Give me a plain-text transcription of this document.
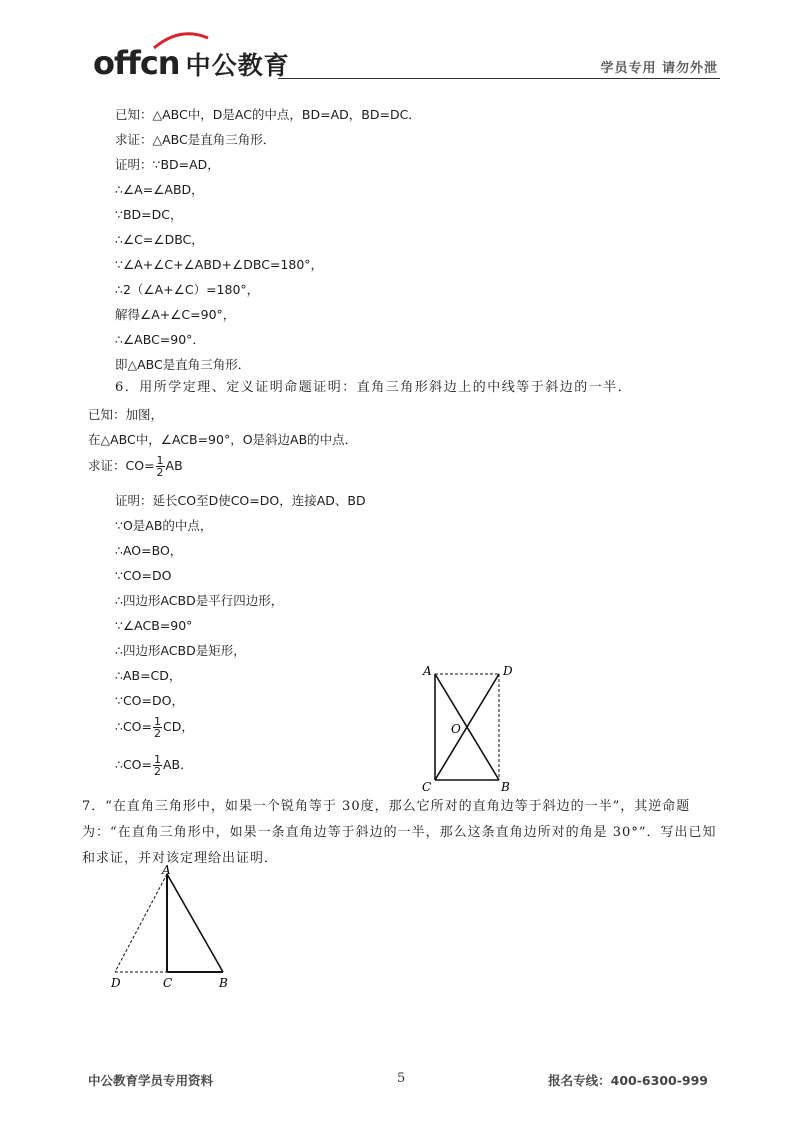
offcn 中公教育	学员专用 请勿外泄
已知：△ABC中，D是AC的中点，BD=AD，BD=DC．
求证：△ABC是直角三角形．
证明：∵BD=AD，
∴∠A=∠ABD，
∵BD=DC，
∴∠C=∠DBC，
∵∠A+∠C+∠ABD+∠DBC=180°，
∴2（∠A+∠C）=180°，
解得∠A+∠C=90°，
∴∠ABC=90°．
即△ABC是直角三角形．
6．用所学定理、定义证明命题证明：直角三角形斜边上的中线等于斜边的一半．
已知：加图，
在△ABC中，∠ACB=90°，O是斜边AB的中点．
求证：$CO= \frac{1}{2}$ AB
证明：延长CO至D使CO=DO，连接AD、BD
∵O是AB的中点，
∴AO=BO，
∵CO=DO
∴四边形ACBD是平行四边形，
∵∠ACB=90°
∴四边形ACBD是矩形，
∴AB=CD，
∵CO=DO，
∴CO= $\frac{1}{2}$ CD，
∴CO= $\frac{1}{2}$ AB．
A	D
O
C	B
7．“在直角三角形中，如果一个锐角等于 30度，那么它所对的直角边等于斜边的一半”，其逆命题为：“在直角三角形中，如果一条直角边等于斜边的一半，那么这条直角边所对的角是 30°”．写出已知和求证，并对该定理给出证明．
A
D	C	B
中公教育学员专用资料	5	报名专线：400-6300-999
